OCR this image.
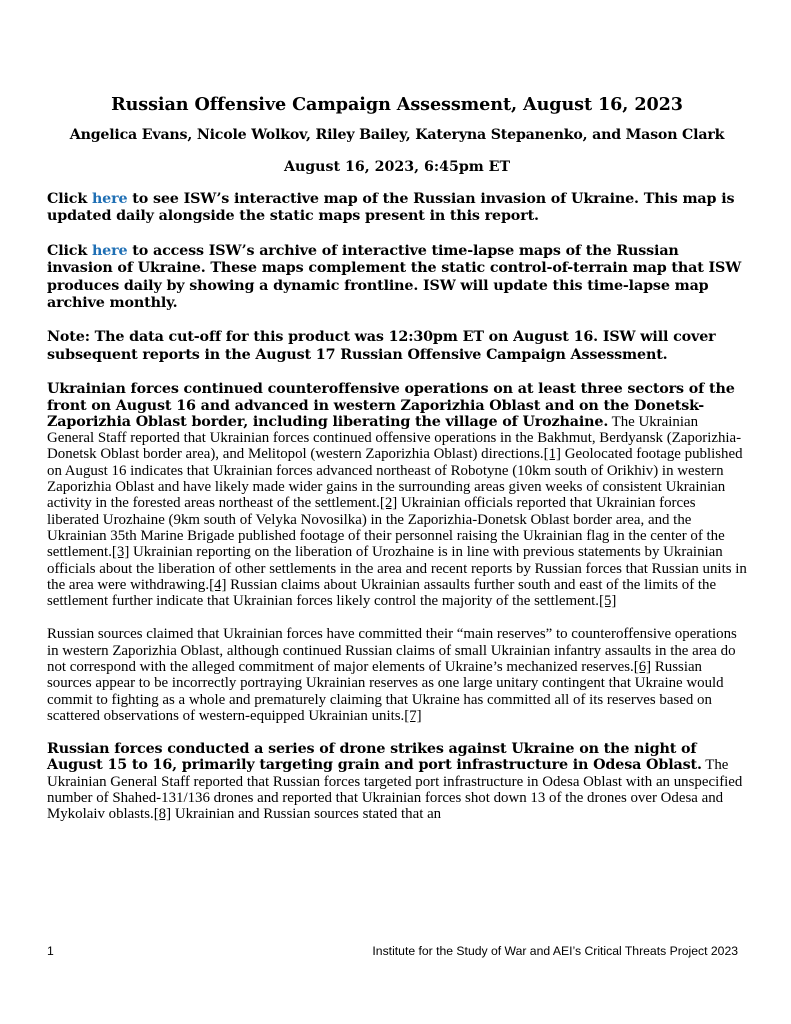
Russian Offensive Campaign Assessment, August 16, 2023
Angelica Evans, Nicole Wolkov, Riley Bailey, Kateryna Stepanenko, and Mason Clark
August 16, 2023, 6:45pm ET

Click here to see ISW’s interactive map of the Russian invasion of Ukraine. This map is updated daily alongside the static maps present in this report.

Click here to access ISW’s archive of interactive time-lapse maps of the Russian invasion of Ukraine. These maps complement the static control-of-terrain map that ISW produces daily by showing a dynamic frontline. ISW will update this time-lapse map archive monthly.

Note: The data cut-off for this product was 12:30pm ET on August 16. ISW will cover subsequent reports in the August 17 Russian Offensive Campaign Assessment.

Ukrainian forces continued counteroffensive operations on at least three sectors of the front on August 16 and advanced in western Zaporizhia Oblast and on the Donetsk-Zaporizhia Oblast border, including liberating the village of Urozhaine. The Ukrainian General Staff reported that Ukrainian forces continued offensive operations in the Bakhmut, Berdyansk (Zaporizhia-Donetsk Oblast border area), and Melitopol (western Zaporizhia Oblast) directions.[1] Geolocated footage published on August 16 indicates that Ukrainian forces advanced northeast of Robotyne (10km south of Orikhiv) in western Zaporizhia Oblast and have likely made wider gains in the surrounding areas given weeks of consistent Ukrainian activity in the forested areas northeast of the settlement.[2] Ukrainian officials reported that Ukrainian forces liberated Urozhaine (9km south of Velyka Novosilka) in the Zaporizhia-Donetsk Oblast border area, and the Ukrainian 35th Marine Brigade published footage of their personnel raising the Ukrainian flag in the center of the settlement.[3] Ukrainian reporting on the liberation of Urozhaine is in line with previous statements by Ukrainian officials about the liberation of other settlements in the area and recent reports by Russian forces that Russian units in the area were withdrawing.[4] Russian claims about Ukrainian assaults further south and east of the limits of the settlement further indicate that Ukrainian forces likely control the majority of the settlement.[5]

Russian sources claimed that Ukrainian forces have committed their “main reserves” to counteroffensive operations in western Zaporizhia Oblast, although continued Russian claims of small Ukrainian infantry assaults in the area do not correspond with the alleged commitment of major elements of Ukraine’s mechanized reserves.[6] Russian sources appear to be incorrectly portraying Ukrainian reserves as one large unitary contingent that Ukraine would commit to fighting as a whole and prematurely claiming that Ukraine has committed all of its reserves based on scattered observations of western-equipped Ukrainian units.[7]

Russian forces conducted a series of drone strikes against Ukraine on the night of August 15 to 16, primarily targeting grain and port infrastructure in Odesa Oblast. The Ukrainian General Staff reported that Russian forces targeted port infrastructure in Odesa Oblast with an unspecified number of Shahed-131/136 drones and reported that Ukrainian forces shot down 13 of the drones over Odesa and Mykolaiv oblasts.[8] Ukrainian and Russian sources stated that an

1	Institute for the Study of War and AEI’s Critical Threats Project 2023
